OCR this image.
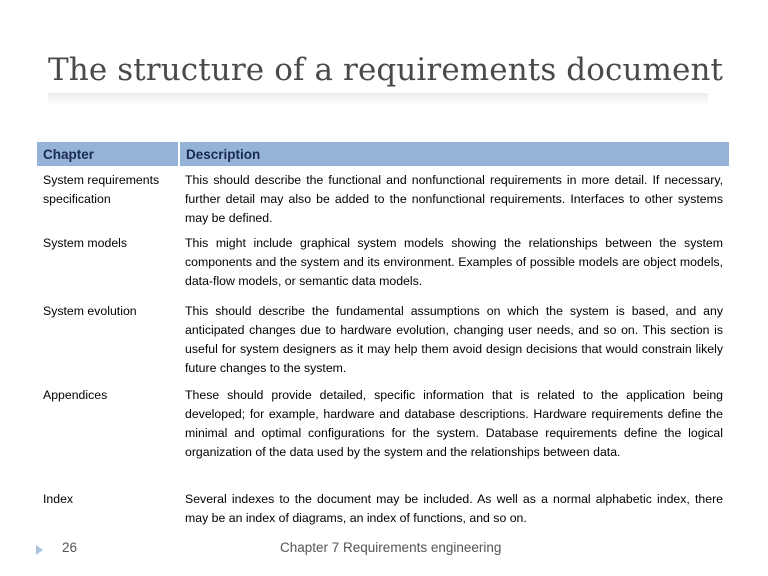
The structure of a requirements document
Chapter	Description
System requirements specification	This should describe the functional and nonfunctional requirements in more detail. If necessary, further detail may also be added to the nonfunctional requirements. Interfaces to other systems may be defined.
System models	This might include graphical system models showing the relationships between the system components and the system and its environment. Examples of possible models are object models, data-flow models, or semantic data models.
System evolution	This should describe the fundamental assumptions on which the system is based, and any anticipated changes due to hardware evolution, changing user needs, and so on. This section is useful for system designers as it may help them avoid design decisions that would constrain likely future changes to the system.
Appendices	These should provide detailed, specific information that is related to the application being developed; for example, hardware and database descriptions. Hardware requirements define the minimal and optimal configurations for the system. Database requirements define the logical organization of the data used by the system and the relationships between data.
Index	Several indexes to the document may be included. As well as a normal alphabetic index, there may be an index of diagrams, an index of functions, and so on.
26	Chapter 7 Requirements engineering
